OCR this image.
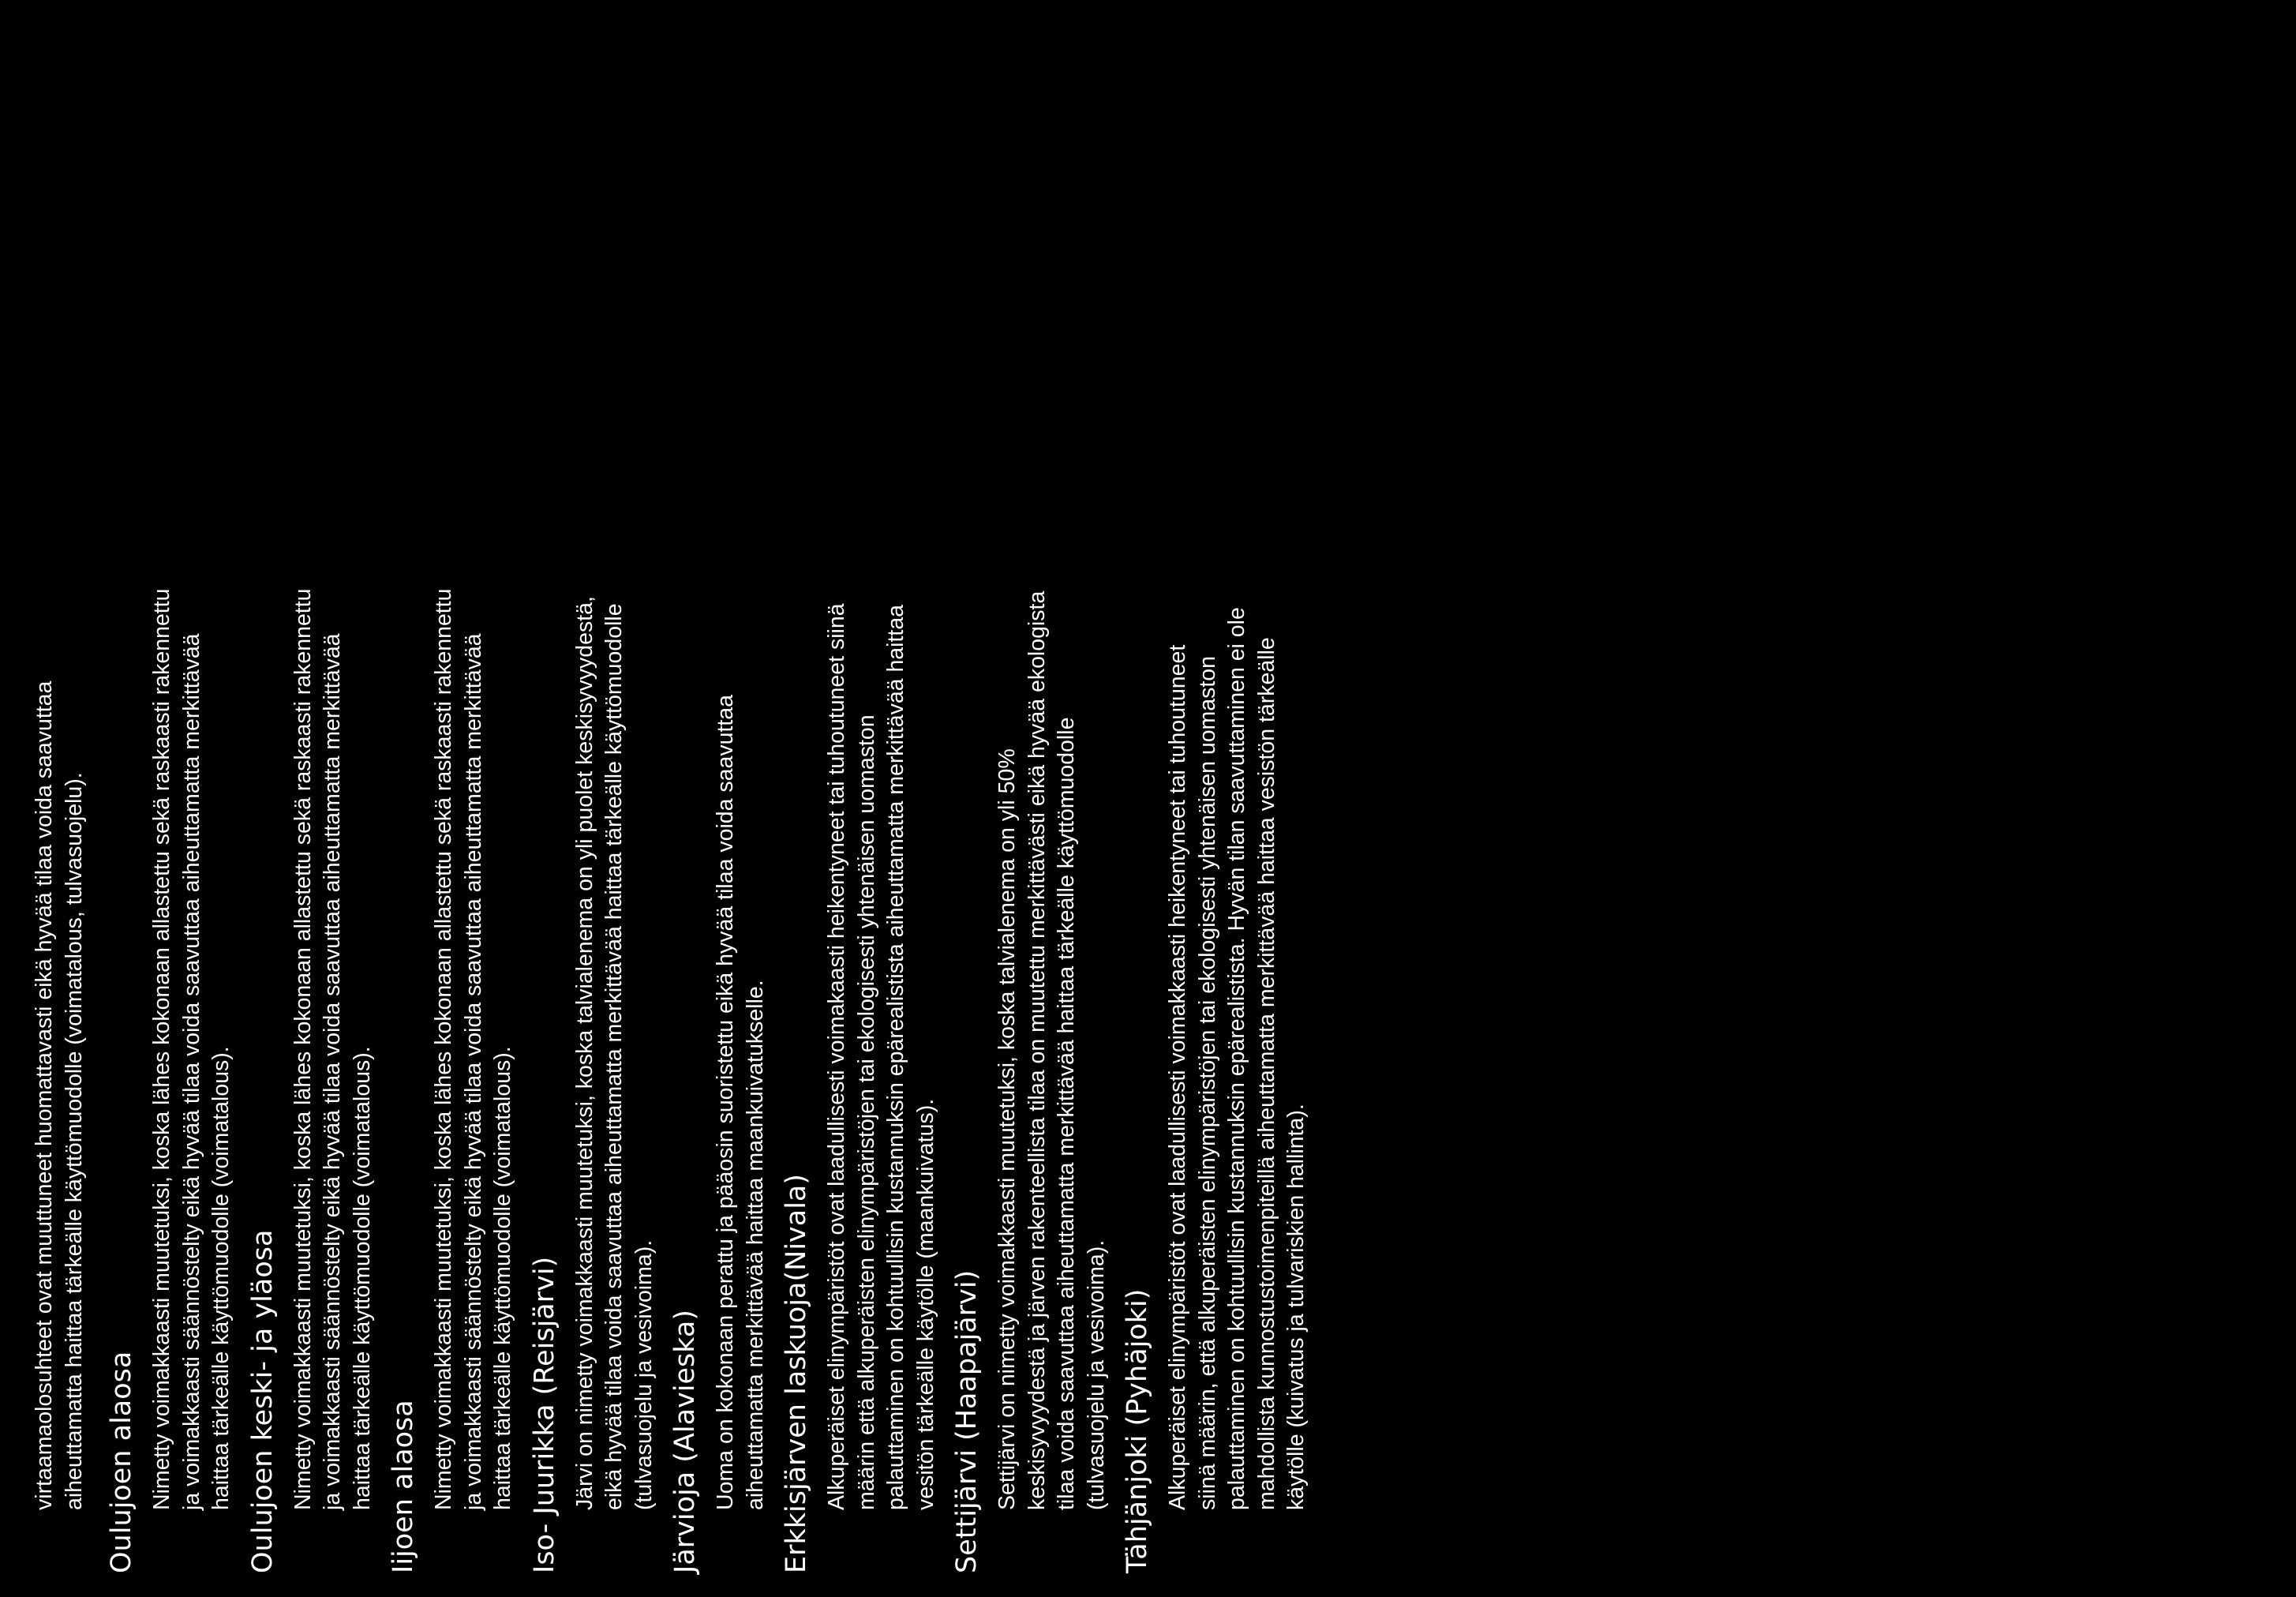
virtaamaolosuhteet ovat muuttuneet huomattavasti eikä hyvää tilaa voida saavuttaa aiheuttamatta haittaa tärkeälle käyttömuodolle (voimatalous, tulvasuojelu). Oulujoen alaosa Nimetty voimakkaasti muutetuksi, koska lähes kokonaan allastettu sekä raskaasti rakennettu ja voimakkaasti säännöstelty eikä hyvää tilaa voida saavuttaa aiheuttamatta merkittävää haittaa tärkeälle käyttömuodolle (voimatalous). Oulujoen keski- ja yläosa Nimetty voimakkaasti muutetuksi, koska lähes kokonaan allastettu sekä raskaasti rakennettu ja voimakkaasti säännöstelty eikä hyvää tilaa voida saavuttaa aiheuttamatta merkittävää haittaa tärkeälle käyttömuodolle (voimatalous). Iijoen alaosa Nimetty voimakkaasti muutetuksi, koska lähes kokonaan allastettu sekä raskaasti rakennettu ja voimakkaasti säännöstelty eikä hyvää tilaa voida saavuttaa aiheuttamatta merkittävää haittaa tärkeälle käyttömuodolle (voimatalous). Iso- Juurikka (Reisjärvi) Järvi on nimetty voimakkaasti muutetuksi, koska talvialenema on yli puolet keskisyvyydestä, eikä hyvää tilaa voida saavuttaa aiheuttamatta merkittävää haittaa tärkeälle käyttömuodolle (tulvasuojelu ja vesivoima). Järvioja (Alavieska) Uoma on kokonaan perattu ja pääosin suoristettu eikä hyvää tilaa voida saavuttaa aiheuttamatta merkittävää haittaa maankuivatukselle. Erkkisjärven laskuoja(Nivala) Alkuperäiset elinympäristöt ovat laadullisesti voimakaasti heikentyneet tai tuhoutuneet siinä määrin että alkuperäisten elinympäristöjen tai ekologisesti yhtenäisen uomaston palauttaminen on kohtuullisin kustannuksin epärealistista aiheuttamatta merkittävää haittaa vesitön tärkeälle käytölle (maankuivatus). Settijärvi (Haapajärvi) Settijärvi on nimetty voimakkaasti muutetuksi, koska talvialenema on yli 50% keskisyvyydestä ja järven rakenteellista tilaa on muutettu merkittävästi eikä hyvää ekologista tilaa voida saavuttaa aiheuttamatta merkittävää haittaa tärkeälle käyttömuodolle (tulvasuojelu ja vesivoima). Tähjänjoki (Pyhäjoki) Alkuperäiset elinympäristöt ovat laadullisesti voimakkaasti heikentyneet tai tuhoutuneet siinä määrin, että alkuperäisten elinympäristöjen tai ekologisesti yhtenäisen uomaston palauttaminen on kohtuullisin kustannuksin epärealistista. Hyvän tilan saavuttaminen ei ole mahdollista kunnostustoimenpiteillä aiheuttamatta merkittävää haittaa vesistön tärkeälle käytölle (kuivatus ja tulvariskien hallinta).
